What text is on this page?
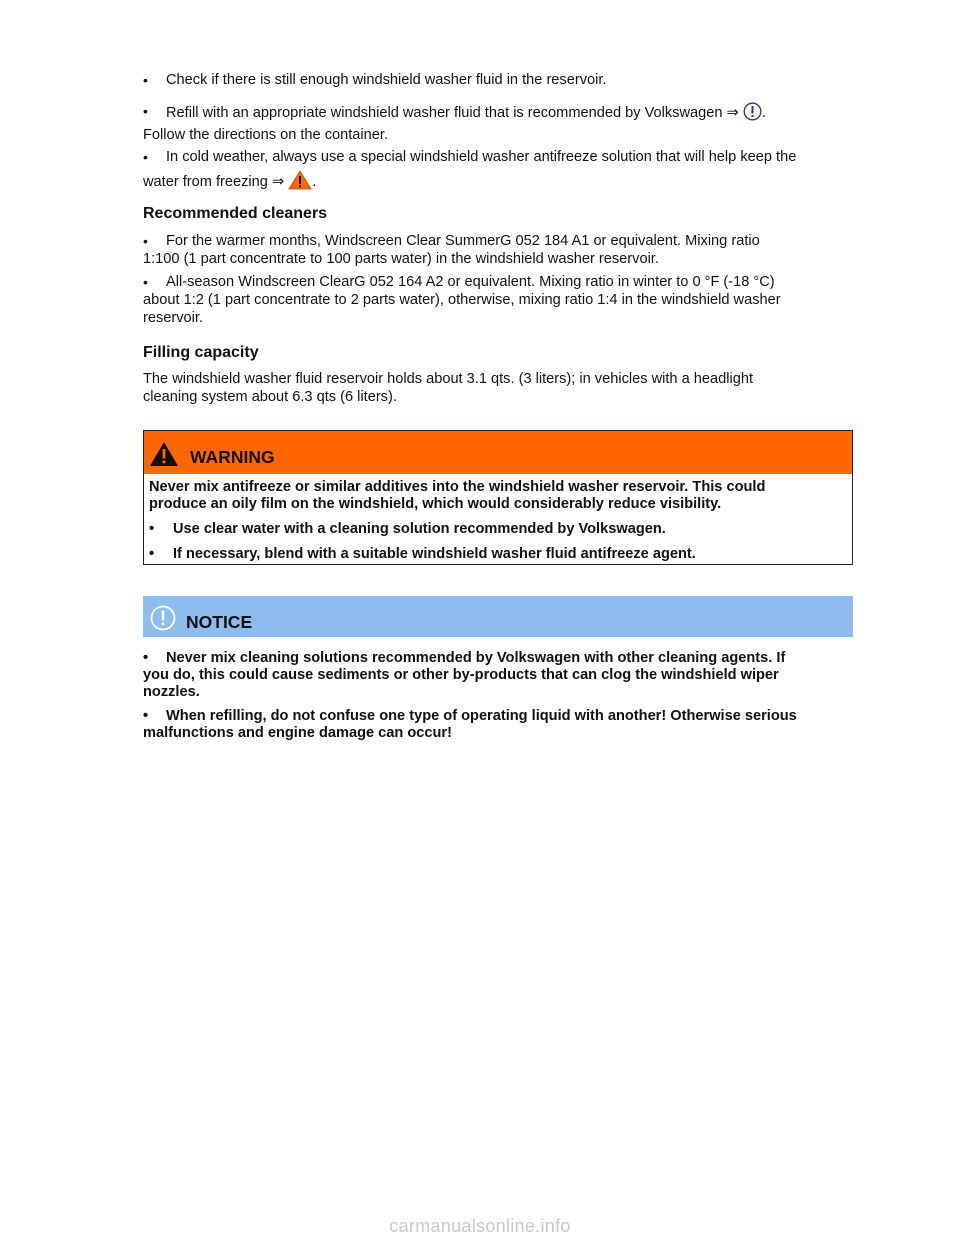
• Check if there is still enough windshield washer fluid in the reservoir.
• Refill with an appropriate windshield washer fluid that is recommended by Volkswagen ⇒ .
Follow the directions on the container.
• In cold weather, always use a special windshield washer antifreeze solution that will help keep the
water from freezing ⇒ .
Recommended cleaners
• For the warmer months, Windscreen Clear SummerG 052 184 A1 or equivalent. Mixing ratio
1:100 (1 part concentrate to 100 parts water) in the windshield washer reservoir.
• All-season Windscreen ClearG 052 164 A2 or equivalent. Mixing ratio in winter to 0 °F (-18 °C)
about 1:2 (1 part concentrate to 2 parts water), otherwise, mixing ratio 1:4 in the windshield washer
reservoir.
Filling capacity
The windshield washer fluid reservoir holds about 3.1 qts. (3 liters); in vehicles with a headlight
cleaning system about 6.3 qts (6 liters).
WARNING
Never mix antifreeze or similar additives into the windshield washer reservoir. This could
produce an oily film on the windshield, which would considerably reduce visibility.
• Use clear water with a cleaning solution recommended by Volkswagen.
• If necessary, blend with a suitable windshield washer fluid antifreeze agent.
NOTICE
• Never mix cleaning solutions recommended by Volkswagen with other cleaning agents. If
you do, this could cause sediments or other by-products that can clog the windshield wiper
nozzles.
• When refilling, do not confuse one type of operating liquid with another! Otherwise serious
malfunctions and engine damage can occur!
carmanualsonline.info
